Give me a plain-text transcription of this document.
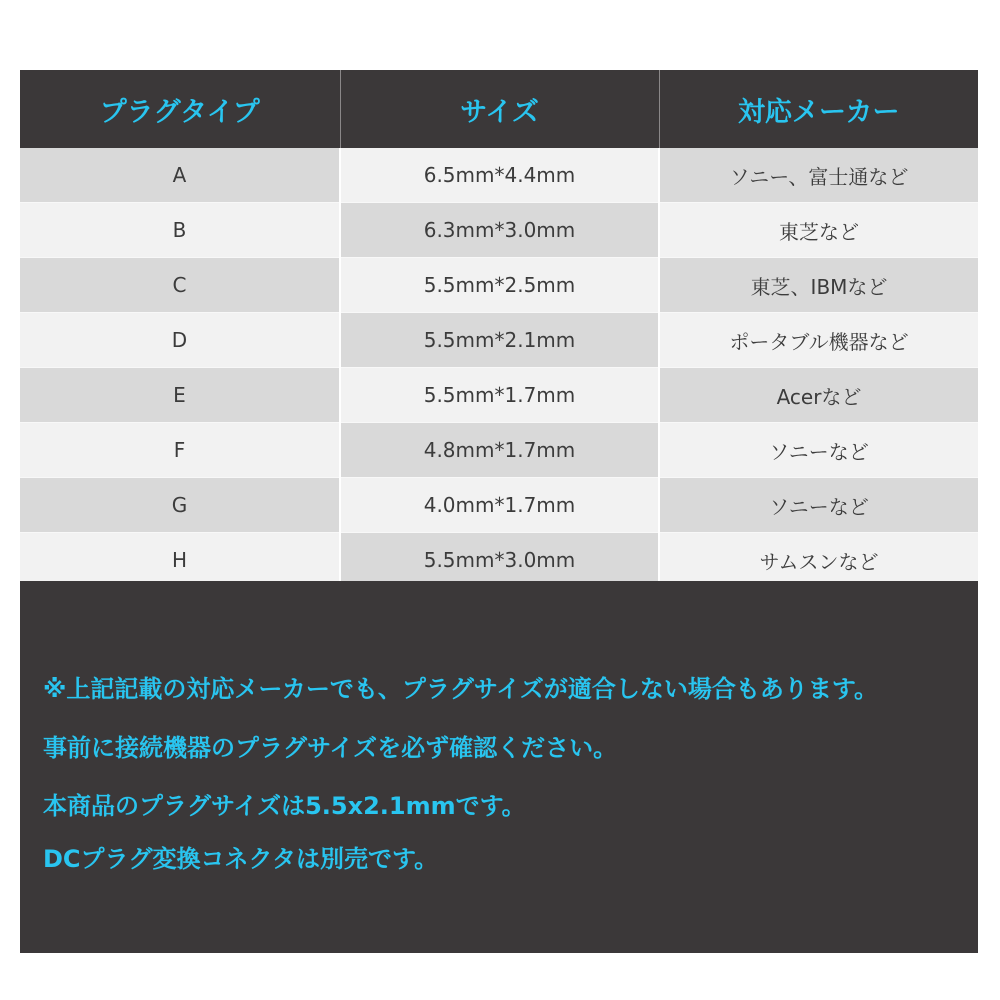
プラグタイプ	サイズ	対応メーカー
A	6.5mm*4.4mm	ソニー、富士通など
B	6.3mm*3.0mm	東芝など
C	5.5mm*2.5mm	東芝、IBMなど
D	5.5mm*2.1mm	ポータブル機器など
E	5.5mm*1.7mm	Acerなど
F	4.8mm*1.7mm	ソニーなど
G	4.0mm*1.7mm	ソニーなど
H	5.5mm*3.0mm	サムスンなど

※上記記載の対応メーカーでも、プラグサイズが適合しない場合もあります。

事前に接続機器のプラグサイズを必ず確認ください。

本商品のプラグサイズは5.5x2.1mmです。

DCプラグ変換コネクタは別売です。
